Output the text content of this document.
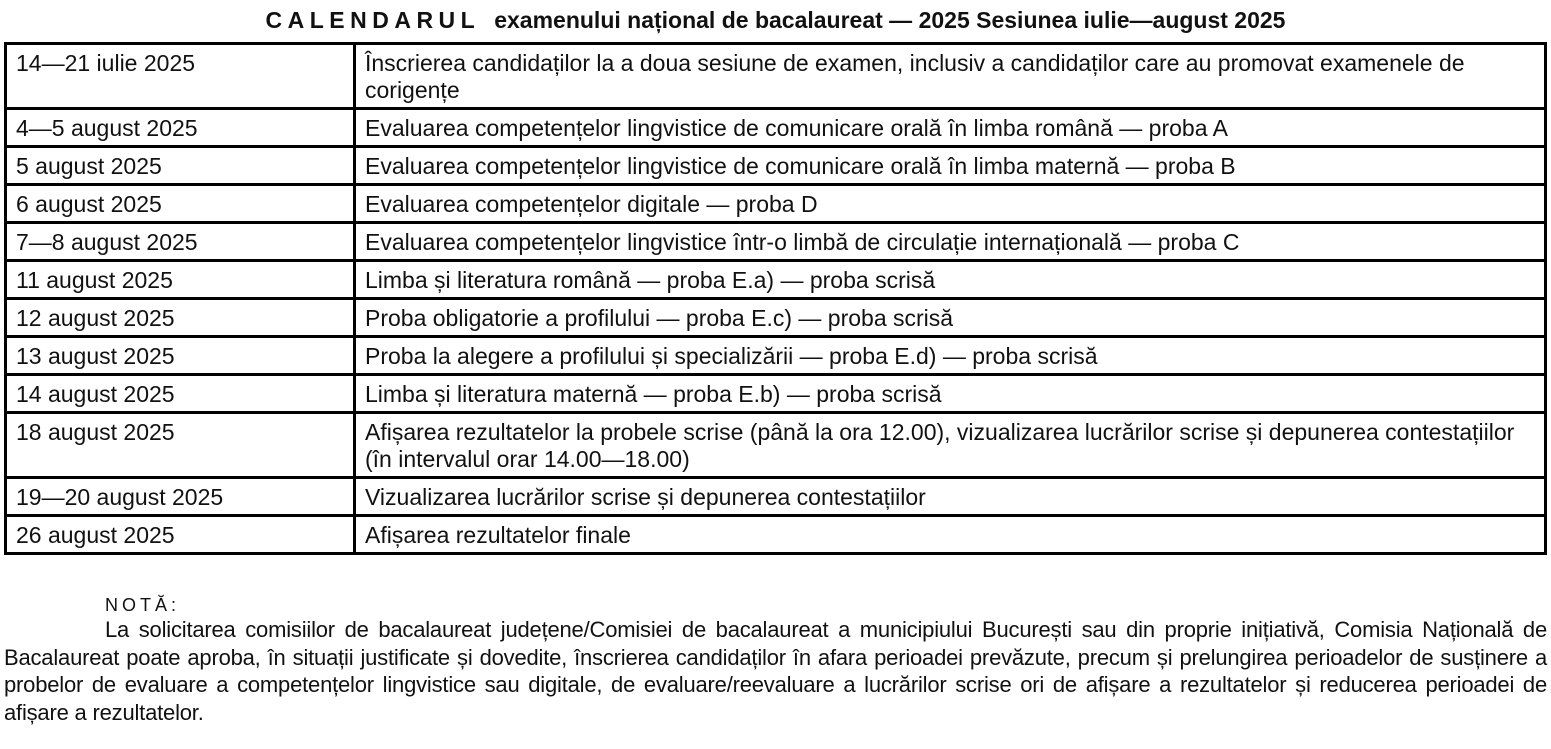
CALENDARUL examenului național de bacalaureat — 2025 Sesiunea iulie—august 2025
14—21 iulie 2025	Înscrierea candidaților la a doua sesiune de examen, inclusiv a candidaților care au promovat examenele de corigențe
4—5 august 2025	Evaluarea competențelor lingvistice de comunicare orală în limba română — proba A
5 august 2025	Evaluarea competențelor lingvistice de comunicare orală în limba maternă — proba B
6 august 2025	Evaluarea competențelor digitale — proba D
7—8 august 2025	Evaluarea competențelor lingvistice într-o limbă de circulație internațională — proba C
11 august 2025	Limba și literatura română — proba E.a) — proba scrisă
12 august 2025	Proba obligatorie a profilului — proba E.c) — proba scrisă
13 august 2025	Proba la alegere a profilului și specializării — proba E.d) — proba scrisă
14 august 2025	Limba și literatura maternă — proba E.b) — proba scrisă
18 august 2025	Afișarea rezultatelor la probele scrise (până la ora 12.00), vizualizarea lucrărilor scrise și depunerea contestațiilor (în intervalul orar 14.00—18.00)
19—20 august 2025	Vizualizarea lucrărilor scrise și depunerea contestațiilor
26 august 2025	Afișarea rezultatelor finale
NOTĂ:
La solicitarea comisiilor de bacalaureat județene/Comisiei de bacalaureat a municipiului București sau din proprie inițiativă, Comisia Națională de Bacalaureat poate aproba, în situații justificate și dovedite, înscrierea candidaților în afara perioadei prevăzute, precum și prelungirea perioadelor de susținere a probelor de evaluare a competențelor lingvistice sau digitale, de evaluare/reevaluare a lucrărilor scrise ori de afișare a rezultatelor și reducerea perioadei de afișare a rezultatelor.
